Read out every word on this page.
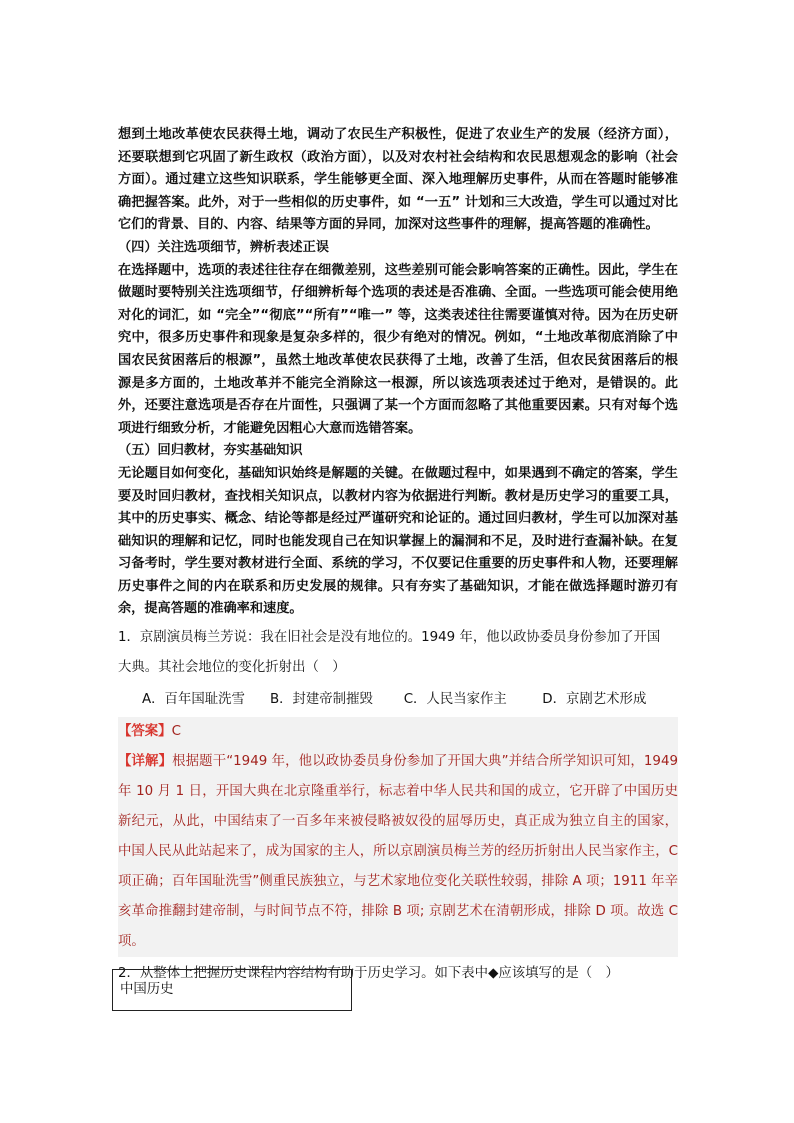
想到土地改革使农民获得土地，调动了农民生产积极性，促进了农业生产的发展（经济方面），还要联想到它巩固了新生政权（政治方面），以及对农村社会结构和农民思想观念的影响（社会方面）。通过建立这些知识联系，学生能够更全面、深入地理解历史事件，从而在答题时能够准确把握答案。此外，对于一些相似的历史事件，如 “一五” 计划和三大改造，学生可以通过对比它们的背景、目的、内容、结果等方面的异同，加深对这些事件的理解，提高答题的准确性。

（四）关注选项细节，辨析表述正误

在选择题中，选项的表述往往存在细微差别，这些差别可能会影响答案的正确性。因此，学生在做题时要特别关注选项细节，仔细辨析每个选项的表述是否准确、全面。一些选项可能会使用绝对化的词汇，如 “完全”“彻底”“所有”“唯一” 等，这类表述往往需要谨慎对待。因为在历史研究中，很多历史事件和现象是复杂多样的，很少有绝对的情况。例如，“土地改革彻底消除了中国农民贫困落后的根源”，虽然土地改革使农民获得了土地，改善了生活，但农民贫困落后的根源是多方面的，土地改革并不能完全消除这一根源，所以该选项表述过于绝对，是错误的。此外，还要注意选项是否存在片面性，只强调了某一个方面而忽略了其他重要因素。只有对每个选项进行细致分析，才能避免因粗心大意而选错答案。

（五）回归教材，夯实基础知识

无论题目如何变化，基础知识始终是解题的关键。在做题过程中，如果遇到不确定的答案，学生要及时回归教材，查找相关知识点，以教材内容为依据进行判断。教材是历史学习的重要工具，其中的历史事实、概念、结论等都是经过严谨研究和论证的。通过回归教材，学生可以加深对基础知识的理解和记忆，同时也能发现自己在知识掌握上的漏洞和不足，及时进行查漏补缺。在复习备考时，学生要对教材进行全面、系统的学习，不仅要记住重要的历史事件和人物，还要理解历史事件之间的内在联系和历史发展的规律。只有夯实了基础知识，才能在做选择题时游刃有余，提高答题的准确率和速度。

1．京剧演员梅兰芳说：我在旧社会是没有地位的。1949 年，他以政协委员身份参加了开国

大典。其社会地位的变化折射出（　）

A．百年国耻洗雪	B．封建帝制摧毁	C．人民当家作主	D．京剧艺术形成

【答案】C

【详解】根据题干“1949 年，他以政协委员身份参加了开国大典”并结合所学知识可知，1949 年 10 月 1 日，开国大典在北京隆重举行，标志着中华人民共和国的成立，它开辟了中国历史新纪元，从此，中国结束了一百多年来被侵略被奴役的屈辱历史，真正成为独立自主的国家，中国人民从此站起来了，成为国家的主人，所以京剧演员梅兰芳的经历折射出人民当家作主，C 项正确；百年国耻洗雪”侧重民族独立，与艺术家地位变化关联性较弱，排除 A 项；1911 年辛亥革命推翻封建帝制，与时间节点不符，排除 B 项; 京剧艺术在清朝形成，排除 D 项。故选 C 项。

2．从整体上把握历史课程内容结构有助于历史学习。如下表中◆应该填写的是（　）

中国历史
